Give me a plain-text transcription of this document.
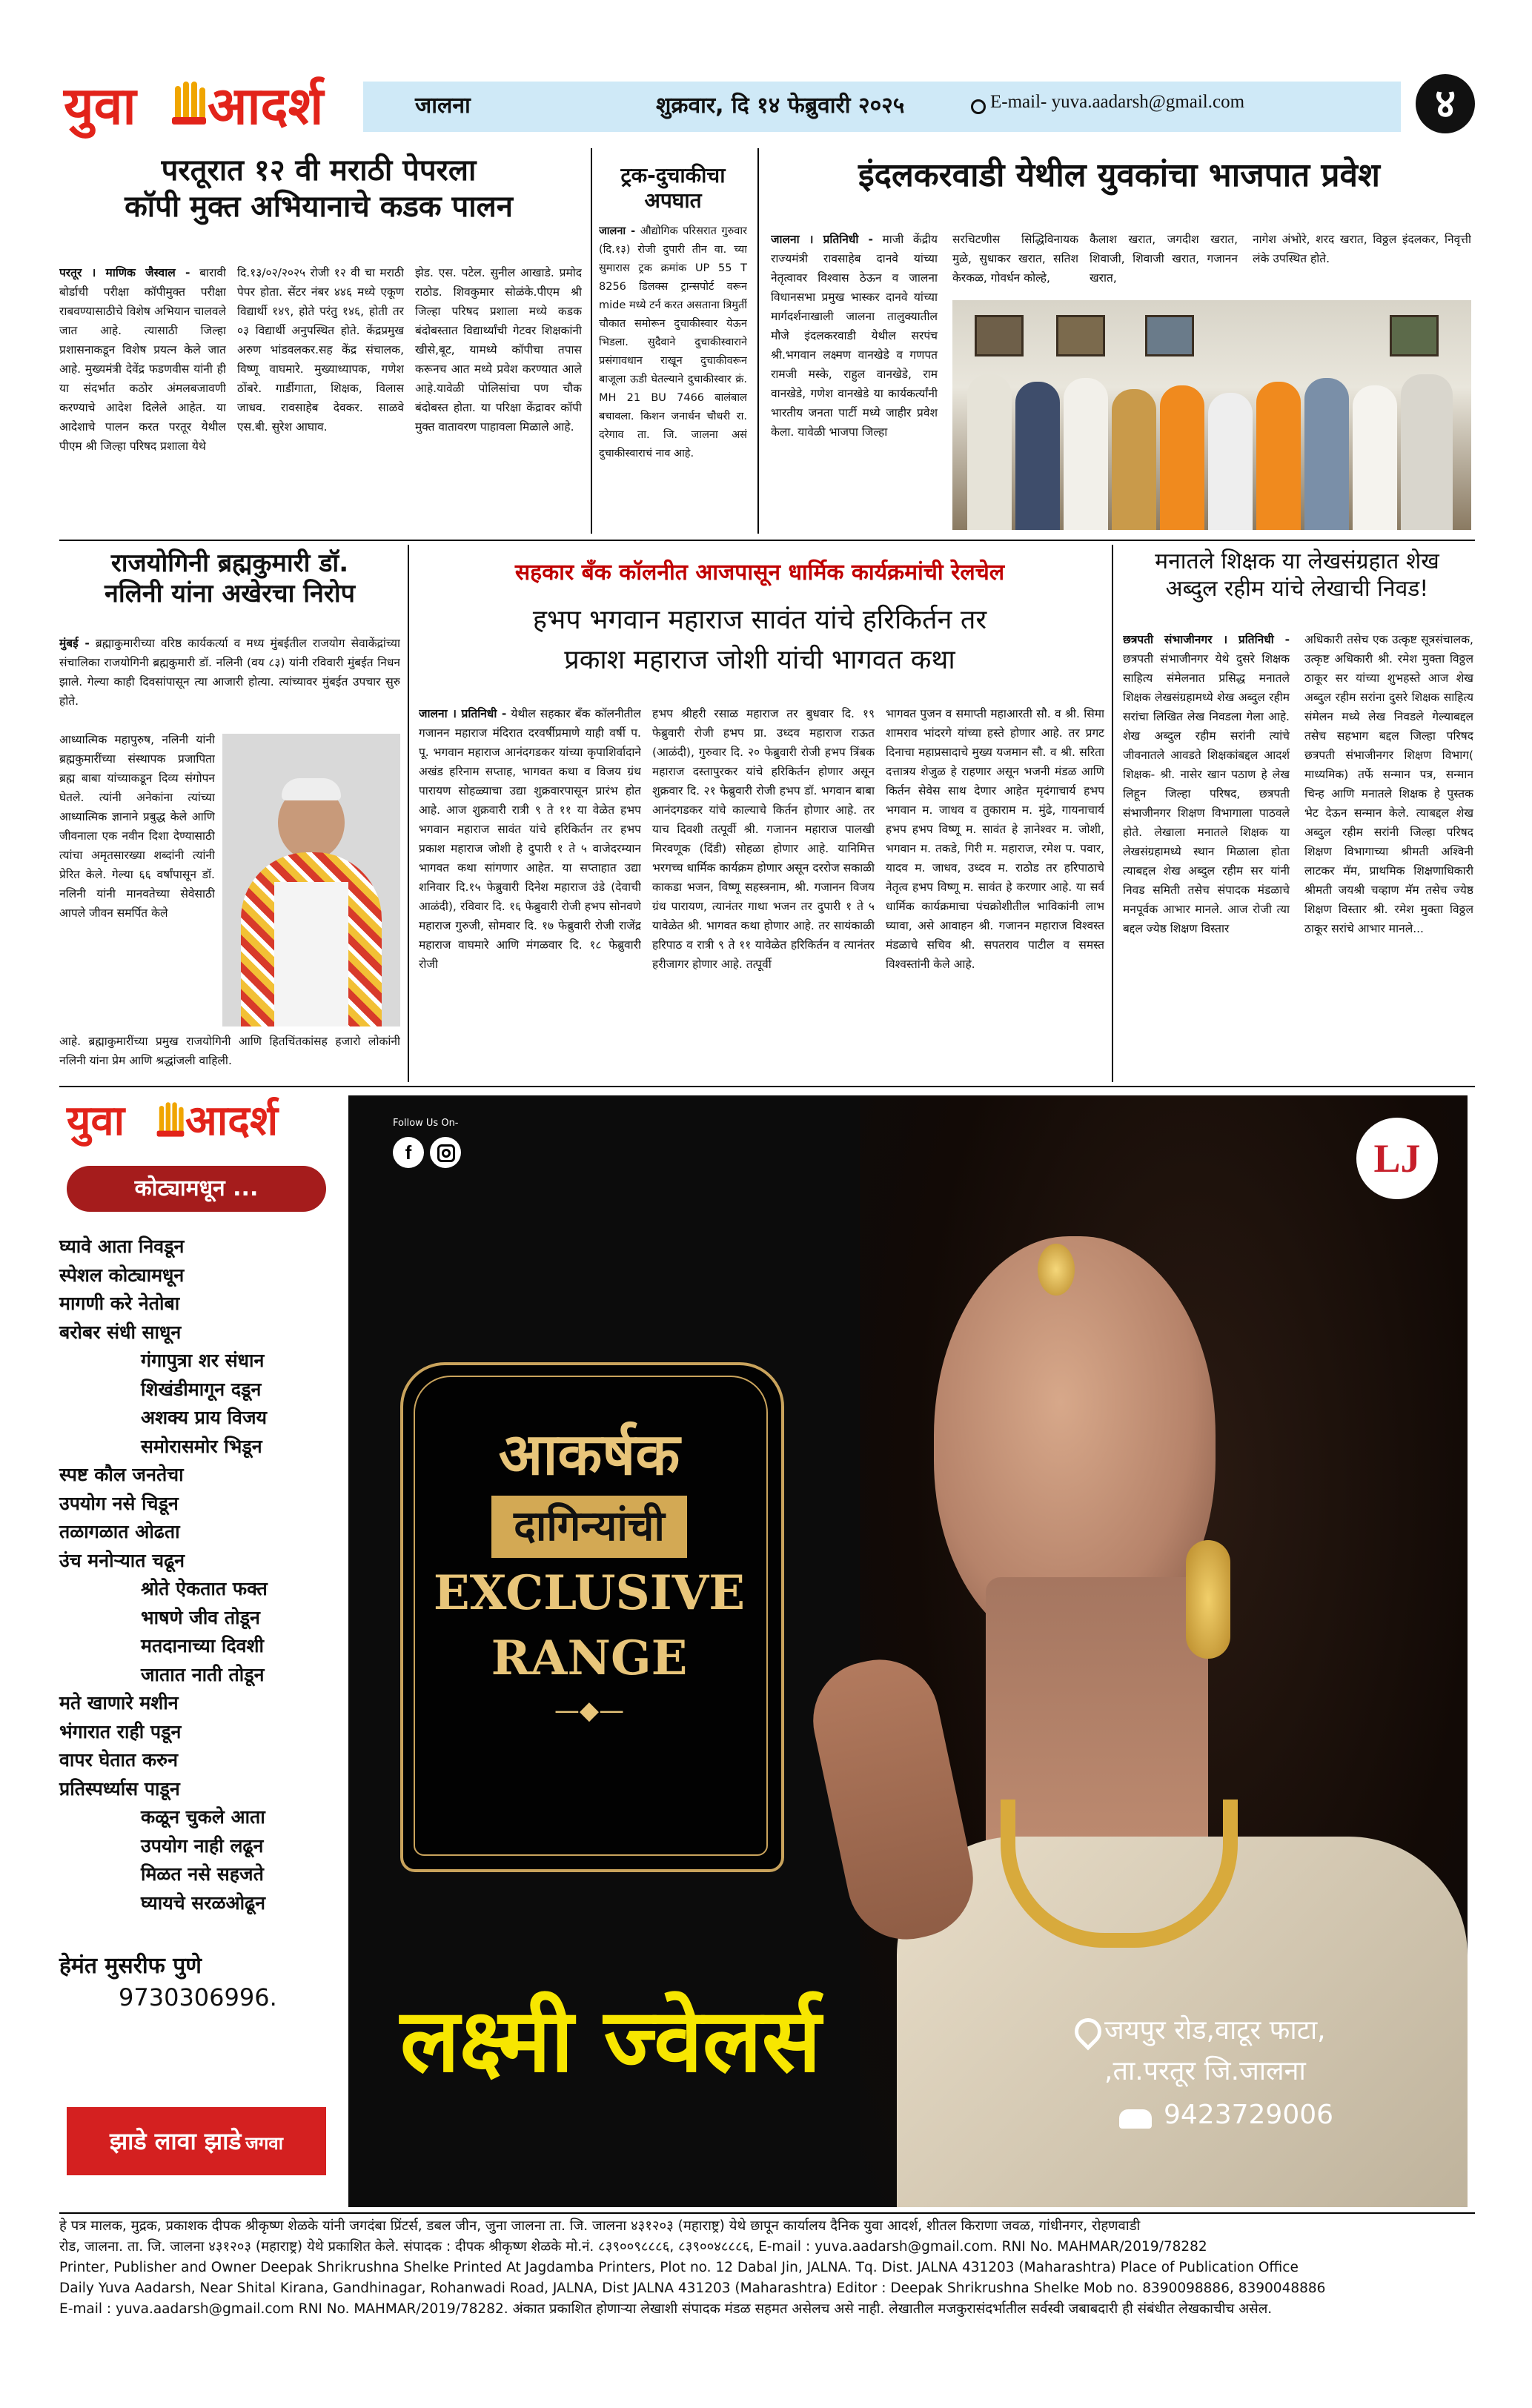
युवा आदर्श	जालना	शुक्रवार, दि १४ फेब्रुवारी २०२५	E-mail- yuva.aadarsh@gmail.com	४
परतूरात १२ वी मराठी पेपरला
कॉपी मुक्त अभियानाचे कडक पालन
परतूर । माणिक जैस्वाल - बारावी बोर्डाची परीक्षा कॉपीमुक्त परीक्षा राबवण्यासाठीचे विशेष अभियान चालवले जात आहे. त्यासाठी जिल्हा प्रशासनाकडून विशेष प्रयत्न केले जात आहे. मुख्यमंत्री देवेंद्र फडणवीस यांनी ही या संदर्भात कठोर अंमलबजावणी करण्याचे आदेश दिलेले आहेत. या आदेशाचे पालन करत परतूर येथील पीएम श्री जिल्हा परिषद प्रशाला येथे
दि.१३/०२/२०२५ रोजी १२ वी चा मराठी पेपर होता. सेंटर नंबर ४४६ मध्ये एकूण विद्यार्थी १४९, होते परंतु १४६, होती तर ०३ विद्यार्थी अनुपस्थित होते. केंद्रप्रमुख अरुण भांडवलकर.सह केंद्र संचालक, विष्णू वाघमारे. मुख्याध्यापक, गणेश ठोंबरे. गार्डीगाता, शिक्षक, विलास जाधव. रावसाहेब देवकर. साळवे एस.बी. सुरेश आघाव.
झेड. एस. पटेल. सुनील आखाडे. प्रमोद राठोड. शिवकुमार सोळंके.पीएम श्री जिल्हा परिषद प्रशाला मध्ये कडक बंदोबस्तात विद्यार्थ्यांची गेटवर शिक्षकांनी खीसे,बूट, यामध्ये कॉपीचा तपास करूनच आत मध्ये प्रवेश करण्यात आले आहे.यावेळी पोलिसांचा पण चौक बंदोबस्त होता. या परिक्षा केंद्रावर कॉपी मुक्त वातावरण पाहावला मिळाले आहे.
ट्रक-दुचाकीचा अपघात
जालना - औद्योगिक परिसरात गुरुवार (दि.१३) रोजी दुपारी तीन वा. च्या सुमारास ट्रक क्रमांक UP 55 T 8256 डिलक्स ट्रान्सपोर्ट वरून mide मध्ये टर्न करत असताना त्रिमुर्ती चौकात समोरून दुचाकीस्वार येऊन भिडला. सुदैवाने दुचाकीस्वाराने प्रसंगावधान राखून दुचाकीवरून बाजूला ऊडी घेतल्याने दुचाकीस्वार क्रं. MH 21 BU 7466 बालंबाल बचावला. किशन जनार्धन चौधरी रा. दरेगाव ता. जि. जालना असं दुचाकीस्वाराचं नाव आहे.
इंदलकरवाडी येथील युवकांचा भाजपात प्रवेश
जालना । प्रतिनिधी - माजी केंद्रीय राज्यमंत्री रावसाहेब दानवे यांच्या नेतृत्वावर विश्वास ठेऊन व जालना विधानसभा प्रमुख भास्कर दानवे यांच्या मार्गदर्शनाखाली जालना तालुक्यातील मौजे इंदलकरवाडी येथील सरपंच श्री.भगवान लक्ष्मण वानखेडे व गणपत रामजी मस्के, राहुल वानखेडे, राम वानखेडे, गणेश वानखेडे या कार्यकर्त्यांनी भारतीय जनता पार्टी मध्ये जाहीर प्रवेश केला. यावेळी भाजपा जिल्हा
सरचिटणीस सिद्धिविनायक मुळे, सुधाकर खरात, सतिश केरकळ, गोवर्धन कोल्हे,
कैलाश खरात, जगदीश खरात, शिवाजी, शिवाजी खरात, गजानन खरात,
नागेश अंभोरे, शरद खरात, विठ्ठल इंदलकर, निवृत्ती लंके उपस्थित होते.
राजयोगिनी ब्रह्मकुमारी डॉ.
नलिनी यांना अखेरचा निरोप
मुंबई - ब्रह्माकुमारीच्या वरिष्ठ कार्यकर्त्या व मध्य मुंबईतील राजयोग सेवाकेंद्रांच्या संचालिका राजयोगिनी ब्रह्मकुमारी डॉ. नलिनी (वय ८३) यांनी रविवारी मुंबईत निधन झाले. गेल्या काही दिवसांपासून त्या आजारी होत्या. त्यांच्यावर मुंबईत उपचार सुरु होते.
आध्यात्मिक महापुरुष, नलिनी यांनी ब्रह्मकुमारींच्या संस्थापक प्रजापिता ब्रह्म बाबा यांच्याकडून दिव्य संगोपन घेतले. त्यांनी अनेकांना त्यांच्या आध्यात्मिक ज्ञानाने प्रबुद्ध केले आणि जीवनाला एक नवीन दिशा देण्यासाठी त्यांचा अमृतसारख्या शब्दांनी त्यांनी प्रेरित केले. गेल्या ६६ वर्षांपासून डॉ. नलिनी यांनी मानवतेच्या सेवेसाठी आपले जीवन समर्पित केले
आहे. ब्रह्माकुमारींच्या प्रमुख राजयोगिनी आणि हितचिंतकांसह हजारो लोकांनी नलिनी यांना प्रेम आणि श्रद्धांजली वाहिली.
सहकार बँक कॉलनीत आजपासून धार्मिक कार्यक्रमांची रेलचेल
हभप भगवान महाराज सावंत यांचे हरिकिर्तन तर
प्रकाश महाराज जोशी यांची भागवत कथा
जालना । प्रतिनिधी - येथील सहकार बँक कॉलनीतील गजानन महाराज मंदिरात दरवर्षीप्रमाणे याही वर्षी प. पू. भगवान महाराज आनंदगडकर यांच्या कृपाशिर्वादाने अखंड हरिनाम सप्ताह, भागवत कथा व विजय ग्रंथ पारायण सोहळ्याचा उद्या शुक्रवारपासून प्रारंभ होत आहे. आज शुक्रवारी रात्री ९ ते ११ या वेळेत हभप भगवान महाराज सावंत यांचे हरिकिर्तन तर हभप प्रकाश महाराज जोशी हे दुपारी १ ते ५ वाजेदरम्यान भागवत कथा सांगणार आहेत. या सप्ताहात उद्या शनिवार दि.१५ फेब्रुवारी दिनेश महाराज उंडे (देवाची आळंदी), रविवार दि. १६ फेब्रुवारी रोजी हभप सोनवणे महाराज गुरुजी, सोमवार दि. १७ फेब्रुवारी रोजी राजेंद्र महाराज वाघमारे आणि मंगळवार दि. १८ फेब्रुवारी रोजी
हभप श्रीहरी रसाळ महाराज तर बुधवार दि. १९ फेब्रुवारी रोजी हभप प्रा. उध्दव महाराज राऊत (आळंदी), गुरुवार दि. २० फेब्रुवारी रोजी हभप त्रिंबक महाराज दस्तापुरकर यांचे हरिकिर्तन होणार असून शुक्रवार दि. २१ फेब्रुवारी रोजी हभप डॉ. भगवान बाबा आनंदगडकर यांचे काल्याचे किर्तन होणार आहे. तर याच दिवशी तत्पूर्वी श्री. गजानन महाराज पालखी मिरवणूक (दिंडी) सोहळा होणार आहे. यानिमित्त भरगच्च धार्मिक कार्यक्रम होणार असून दररोज सकाळी काकडा भजन, विष्णू सहस्त्रनाम, श्री. गजानन विजय ग्रंथ पारायण, त्यानंतर गाथा भजन तर दुपारी १ ते ५ यावेळेत श्री. भागवत कथा होणार आहे. तर सायंकाळी हरिपाठ व रात्री ९ ते ११ यावेळेत हरिकिर्तन व त्यानंतर हरीजागर होणार आहे. तत्पूर्वी
भागवत पुजन व समाप्ती महाआरती सौ. व श्री. सिमा शामराव भांदरगे यांच्या हस्ते होणार आहे. तर प्रगट दिनाचा महाप्रसादाचे मुख्य यजमान सौ. व श्री. सरिता दत्तात्रय शेजुळ हे राहणार असून भजनी मंडळ आणि किर्तन सेवेस साथ देणार आहेत मृदंगाचार्य हभप भगवान म. जाधव व तुकाराम म. मुंढे, गायनाचार्य हभप हभप विष्णू म. सावंत हे ज्ञानेश्वर म. जोशी, भगवान म. तकडे, गिरी म. महाराज, रमेश प. पवार, यादव म. जाधव, उध्दव म. राठोड तर हरिपाठाचे नेतृत्व हभप विष्णू म. सावंत हे करणार आहे. या सर्व धार्मिक कार्यक्रमाचा पंचक्रोशीतील भाविकांनी लाभ घ्यावा, असे आवाहन श्री. गजानन महाराज विश्वस्त मंडळाचे सचिव श्री. सपतराव पाटील व समस्त विश्वस्तांनी केले आहे.
मनातले शिक्षक या लेखसंग्रहात शेख
अब्दुल रहीम यांचे लेखाची निवड!
छत्रपती संभाजीनगर । प्रतिनिधी - छत्रपती संभाजीनगर येथे दुसरे शिक्षक साहित्य संमेलनात प्रसिद्ध मनातले शिक्षक लेखसंग्रहामध्ये शेख अब्दुल रहीम सरांचा लिखित लेख निवडला गेला आहे. शेख अब्दुल रहीम सरांनी त्यांचे जीवनातले आवडते शिक्षकांबद्दल आदर्श शिक्षक- श्री. नासेर खान पठाण हे लेख लिहून जिल्हा परिषद, छत्रपती संभाजीनगर शिक्षण विभागाला पाठवले होते. लेखाला मनातले शिक्षक या लेखसंग्रहामध्ये स्थान मिळाला होता त्याबद्दल शेख अब्दुल रहीम सर यांनी निवड समिती तसेच संपादक मंडळाचे मनपूर्वक आभार मानले. आज रोजी त्या बद्दल ज्येष्ठ शिक्षण विस्तार
अधिकारी तसेच एक उत्कृष्ट सूत्रसंचालक, उत्कृष्ट अधिकारी श्री. रमेश मुक्ता विठ्ठल ठाकूर सर यांच्या शुभहस्ते आज शेख अब्दुल रहीम सरांना दुसरे शिक्षक साहित्य संमेलन मध्ये लेख निवडले गेल्याबद्दल तसेच सहभाग बद्दल जिल्हा परिषद छत्रपती संभाजीनगर शिक्षण विभाग( माध्यमिक) तर्फे सन्मान पत्र, सन्मान चिन्ह आणि मनातले शिक्षक हे पुस्तक भेट देऊन सन्मान केले. त्याबद्दल शेख अब्दुल रहीम सरांनी जिल्हा परिषद शिक्षण विभागाच्या श्रीमती अश्विनी लाटकर मॅम, प्राथमिक शिक्षणाधिकारी श्रीमती जयश्री चव्हाण मॅम तसेच ज्येष्ठ शिक्षण विस्तार श्री. रमेश मुक्ता विठ्ठल ठाकूर सरांचे आभार मानले...
युवा आदर्श
कोट्यामधून ...
घ्यावे आता निवडून
स्पेशल कोट्यामधून
मागणी करे नेतोबा
बरोबर संधी साधून
गंगापुत्रा शर संधान
शिखंडीमागून दडून
अशक्य प्राय विजय
समोरासमोर भिडून
स्पष्ट कौल जनतेचा
उपयोग नसे चिडून
तळागळात ओढता
उंच मनोऱ्यात चढून
श्रोते ऐकतात फक्त
भाषणे जीव तोडून
मतदानाच्या दिवशी
जातात नाती तोडून
मते खाणारे मशीन
भंगारात राही पडून
वापर घेतात करुन
प्रतिस्पर्ध्यास पाडून
कळून चुकले आता
उपयोग नाही लढून
मिळत नसे सहजते
घ्यायचे सरळओढून
हेमंत मुसरीफ पुणे
9730306996.
झाडे लावा झाडे जगवा
Follow Us On-
f	LJ
आकर्षक
दागिन्यांची
EXCLUSIVE
RANGE
—◆—
लक्ष्मी ज्वेलर्स	जयपुर रोड,वाटूर फाटा,
,ता.परतूर जि.जालना
9423729006
हे पत्र मालक, मुद्रक, प्रकाशक दीपक श्रीकृष्ण शेळके यांनी जगदंबा प्रिंटर्स, डबल जीन, जुना जालना ता. जि. जालना ४३१२०३ (महाराष्ट्र) येथे छापून कार्यालय दैनिक युवा आदर्श, शीतल किराणा जवळ, गांधीनगर, रोहणवाडी
रोड, जालना. ता. जि. जालना ४३१२०३ (महाराष्ट्र) येथे प्रकाशित केले. संपादक : दीपक श्रीकृष्ण शेळके मो.नं. ८३९००९८८८६, ८३९००४८८८६, E-mail : yuva.aadarsh@gmail.com. RNI No. MAHMAR/2019/78282
Printer, Publisher and Owner Deepak Shrikrushna Shelke Printed At Jagdamba Printers, Plot no. 12 Dabal Jin, JALNA. Tq. Dist. JALNA 431203 (Maharashtra) Place of Publication Office
Daily Yuva Aadarsh, Near Shital Kirana, Gandhinagar, Rohanwadi Road, JALNA, Dist JALNA 431203 (Maharashtra) Editor : Deepak Shrikrushna Shelke Mob no. 8390098886, 8390048886
E-mail : yuva.aadarsh@gmail.com RNI No. MAHMAR/2019/78282. अंकात प्रकाशित होणाऱ्या लेखाशी संपादक मंडळ सहमत असेलच असे नाही. लेखातील मजकुरासंदर्भातील सर्वस्वी जबाबदारी ही संबंधीत लेखकाचीच असेल.
